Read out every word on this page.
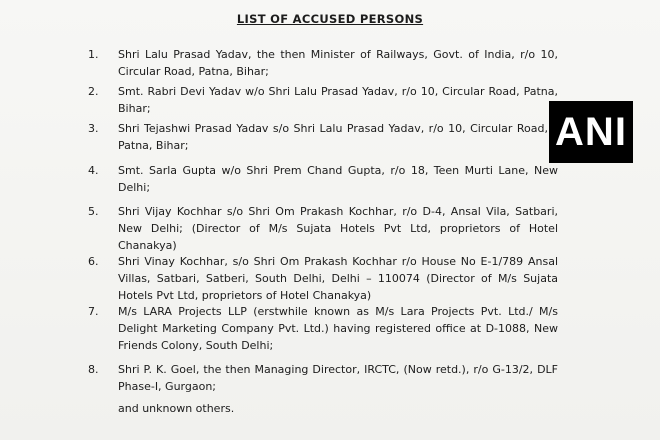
LIST OF ACCUSED PERSONS
1. Shri Lalu Prasad Yadav, the then Minister of Railways, Govt. of India, r/o 10, Circular Road, Patna, Bihar;
2. Smt. Rabri Devi Yadav w/o Shri Lalu Prasad Yadav, r/o 10, Circular Road, Patna, Bihar;
3. Shri Tejashwi Prasad Yadav s/o Shri Lalu Prasad Yadav, r/o 10, Circular Road, Patna, Bihar;
4. Smt. Sarla Gupta w/o Shri Prem Chand Gupta, r/o 18, Teen Murti Lane, New Delhi;
5. Shri Vijay Kochhar s/o Shri Om Prakash Kochhar, r/o D-4, Ansal Vila, Satbari, New Delhi; (Director of M/s Sujata Hotels Pvt Ltd, proprietors of Hotel Chanakya)
6. Shri Vinay Kochhar, s/o Shri Om Prakash Kochhar r/o House No E-1/789 Ansal Villas, Satbari, Satberi, South Delhi, Delhi – 110074 (Director of M/s Sujata Hotels Pvt Ltd, proprietors of Hotel Chanakya)
7. M/s LARA Projects LLP (erstwhile known as M/s Lara Projects Pvt. Ltd./ M/s Delight Marketing Company Pvt. Ltd.) having registered office at D-1088, New Friends Colony, South Delhi;
8. Shri P. K. Goel, the then Managing Director, IRCTC, (Now retd.), r/o G-13/2, DLF Phase-I, Gurgaon;
and unknown others.
ANI
